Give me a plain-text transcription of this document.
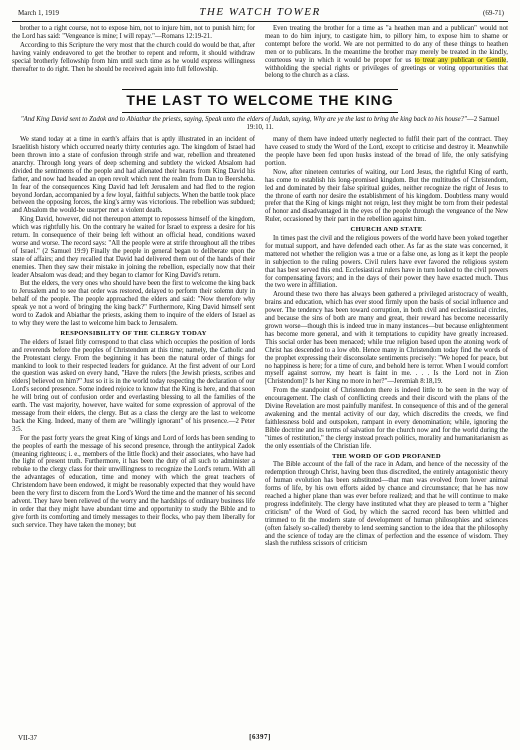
March 1, 1919	THE WATCH TOWER	(69-71)

brother to a right course, not to expose him, not to injure him, not to punish him; for the Lord has said: "Vengeance is mine; I will repay."—Romans 12:19-21.

According to this Scripture the very most that the church could do would be that, after having vainly endeavored to get the brother to repent and reform, it should withdraw special brotherly fellowship from him until such time as he would express willingness thereafter to do right. Then he should be received again into full fellowship.

Even treating the brother for a time as "a heathen man and a publican" would not mean to do him injury, to castigate him, to pillory him, to expose him to shame or contempt before the world. We are not permitted to do any of these things to heathen men or to publicans. In the meantime the brother may merely be treated in the kindly, courteous way in which it would be proper for us to treat any publican or Gentile, withholding the special rights or privileges of greetings or voting opportunities that belong to the church as a class.

THE LAST TO WELCOME THE KING
"And King David sent to Zadok and to Abiathar the priests, saying, Speak unto the elders of Judah, saying, Why are ye the last to bring the king back to his house?"—2 Samuel 19:10, 11.

We stand today at a time in earth's affairs that is aptly illustrated in an incident of Israelitish history which occurred nearly thirty centuries ago. The kingdom of Israel had been thrown into a state of confusion through strife and war, rebellion and threatened anarchy. Through long years of deep scheming and subtlety the wicked Absalom had divided the sentiments of the people and had alienated their hearts from King David his father, and now had headed an open revolt which rent the realm from Dan to Beersheba. In fear of the consequences King David had left Jerusalem and had fled to the region beyond Jordan, accompanied by a few loyal, faithful subjects. When the battle took place between the opposing forces, the king's army was victorious. The rebellion was subdued; and Absalom the would-be usurper met a violent death.

King David, however, did not thereupon attempt to repossess himself of the kingdom, which was rightfully his. On the contrary he waited for Israel to express a desire for his return. In consequence of their being left without an official head, conditions waxed worse and worse. The record says: "All the people were at strife throughout all the tribes of Israel." (2 Samuel 19:9) Finally the people in general began to deliberate upon the state of affairs; and they recalled that David had delivered them out of the hands of their enemies. Then they saw their mistake in joining the rebellion, especially now that their leader Absalom was dead; and they began to clamor for King David's return.

But the elders, the very ones who should have been the first to welcome the king back to Jerusalem and to see that order was restored, delayed to perform their solemn duty in behalf of the people. The people approached the elders and said: "Now therefore why speak ye not a word of bringing the king back?" Furthermore, King David himself sent word to Zadok and Abiathar the priests, asking them to inquire of the elders of Israel as to why they were the last to welcome him back to Jerusalem.

RESPONSIBILITY OF THE CLERGY TODAY

The elders of Israel fitly correspond to that class which occupies the position of lords and reverends before the peoples of Christendom at this time; namely, the Catholic and the Protestant clergy. From the beginning it has been the natural order of things for mankind to look to their respected leaders for guidance. At the first advent of our Lord the question was asked on every hand, "Have the rulers [the Jewish priests, scribes and elders] believed on him?" Just so it is in the world today respecting the declaration of our Lord's second presence. Some indeed rejoice to know that the King is here, and that soon he will bring out of confusion order and everlasting blessing to all the families of the earth. The vast majority, however, have waited for some expression of approval of the message from their elders, the clergy. But as a class the clergy are the last to welcome back the King. Indeed, many of them are "willingly ignorant" of his presence.—2 Peter 3:5.

For the past forty years the great King of kings and Lord of lords has been sending to the peoples of earth the message of his second presence, through the antitypical Zadok (meaning righteous; i. e., members of the little flock) and their associates, who have had the light of present truth. Furthermore, it has been the duty of all such to administer a rebuke to the clergy class for their unwillingness to recognize the Lord's return. With all the advantages of education, time and money with which the great teachers of Christendom have been endowed, it might be reasonably expected that they would have been the very first to discern from the Lord's Word the time and the manner of his second advent. They have been relieved of the worry and the hardships of ordinary business life in order that they might have abundant time and opportunity to study the Bible and to give forth its comforting and timely messages to their flocks, who pay them liberally for such service. They have taken the money; but

many of them have indeed utterly neglected to fulfil their part of the contract. They have ceased to study the Word of the Lord, except to criticise and destroy it. Meanwhile the people have been fed upon husks instead of the bread of life, the only satisfying portion.

Now, after nineteen centuries of waiting, our Lord Jesus, the rightful King of earth, has come to establish his long-promised kingdom. But the multitudes of Christendom, led and dominated by their false spiritual guides, neither recognize the right of Jesus to the throne of earth nor desire the establishment of his kingdom. Doubtless many would prefer that the King of kings might not reign, lest they might be torn from their pedestal of honor and disadvantaged in the eyes of the people through the vengeance of the New Ruler, occasioned by their part in the rebellion against him.

CHURCH AND STATE

In times past the civil and the religious powers of the world have been yoked together for mutual support, and have defended each other. As far as the state was concerned, it mattered not whether the religion was a true or a false one, as long as it kept the people in subjection to the ruling powers. Civil rulers have ever favored the religious system that has best served this end. Ecclesiastical rulers have in turn looked to the civil powers for compensating favors; and in the days of their power they have exacted much. Thus the two were in affiliation.

Around these two there has always been gathered a privileged aristocracy of wealth, brains and education, which has ever stood firmly upon the basis of social influence and power. The tendency has been toward corruption, in both civil and ecclesiastical circles, and because the sins of both are many and great, their reward has become necessarily grown worse—though this is indeed true in many instances—but because enlightenment has become more general, and with it temptations to cupidity have greatly increased. This social order has been menaced; while true religion based upon the atoning work of Christ has descended to a low ebb. Hence many in Christendom today find the words of the prophet expressing their disconsolate sentiments precisely: "We hoped for peace, but no happiness is here; for a time of cure, and behold here is terror. When I would comfort myself against sorrow, my heart is faint in me. . . . Is the Lord not in Zion [Christendom]? Is her King no more in her?"—Jeremiah 8:18,19.

From the standpoint of Christendom there is indeed little to be seen in the way of encouragement. The clash of conflicting creeds and their discord with the plans of the Divine Revelation are most painfully manifest. In consequence of this and of the general awakening and the mental activity of our day, which discredits the creeds, we find faithlessness bold and outspoken, rampant in every denomination; while, ignoring the Bible doctrine and its terms of salvation for the church now and for the world during the "times of restitution," the clergy instead preach politics, morality and humanitarianism as the only essentials of the Christian life.

THE WORD OF GOD PROFANED

The Bible account of the fall of the race in Adam, and hence of the necessity of the redemption through Christ, having been thus discredited, the entirely antagonistic theory of human evolution has been substituted—that man was evolved from lower animal forms of life, by his own efforts aided by chance and circumstance; that he has now reached a higher plane than was ever before realized; and that he will continue to make progress indefinitely. The clergy have instituted what they are pleased to term a "higher criticism" of the Word of God, by which the sacred record has been whittled and trimmed to fit the modern state of development of human philosophies and sciences (often falsely so-called) thereby to lend seeming sanction to the idea that the philosophy and the science of today are the climax of perfection and the essence of wisdom. They slash the ruthless scissors of criticism

VII-37	[6397]
